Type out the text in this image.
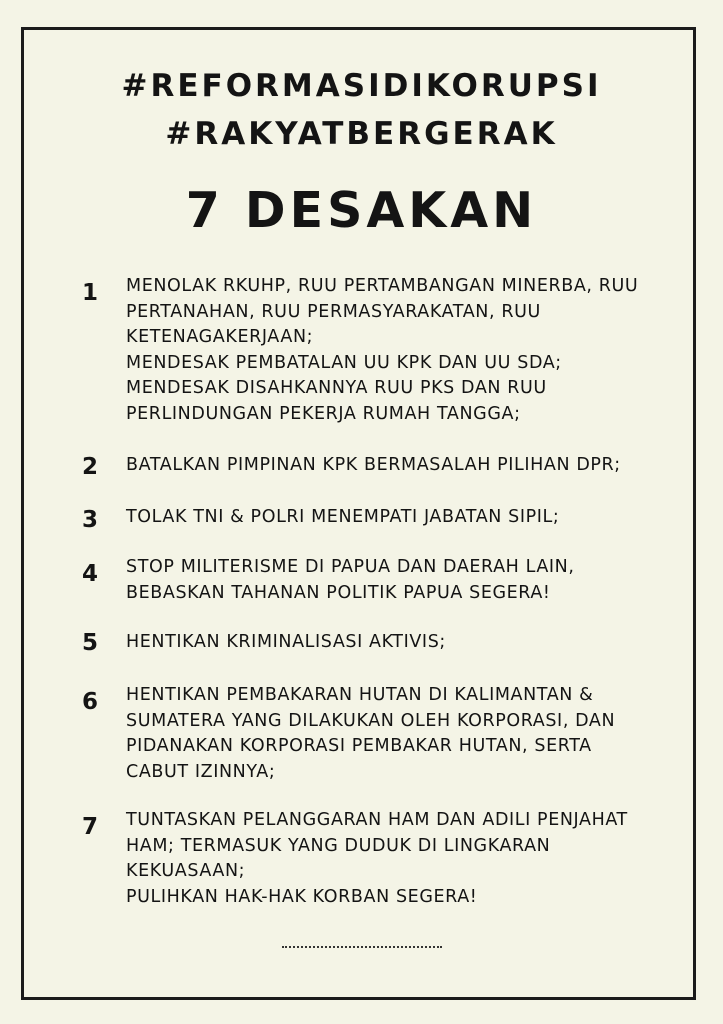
#REFORMASIDIKORUPSI
#RAKYATBERGERAK
7 DESAKAN
1 MENOLAK RKUHP, RUU PERTAMBANGAN MINERBA, RUU
PERTANAHAN, RUU PERMASYARAKATAN, RUU
KETENAGAKERJAAN;
MENDESAK PEMBATALAN UU KPK DAN UU SDA;
MENDESAK DISAHKANNYA RUU PKS DAN RUU
PERLINDUNGAN PEKERJA RUMAH TANGGA;
2 BATALKAN PIMPINAN KPK BERMASALAH PILIHAN DPR;
3 TOLAK TNI & POLRI MENEMPATI JABATAN SIPIL;
4 STOP MILITERISME DI PAPUA DAN DAERAH LAIN,
BEBASKAN TAHANAN POLITIK PAPUA SEGERA!
5 HENTIKAN KRIMINALISASI AKTIVIS;
6 HENTIKAN PEMBAKARAN HUTAN DI KALIMANTAN &
SUMATERA YANG DILAKUKAN OLEH KORPORASI, DAN
PIDANAKAN KORPORASI PEMBAKAR HUTAN, SERTA
CABUT IZINNYA;
7 TUNTASKAN PELANGGARAN HAM DAN ADILI PENJAHAT
HAM; TERMASUK YANG DUDUK DI LINGKARAN
KEKUASAAN;
PULIHKAN HAK-HAK KORBAN SEGERA!
